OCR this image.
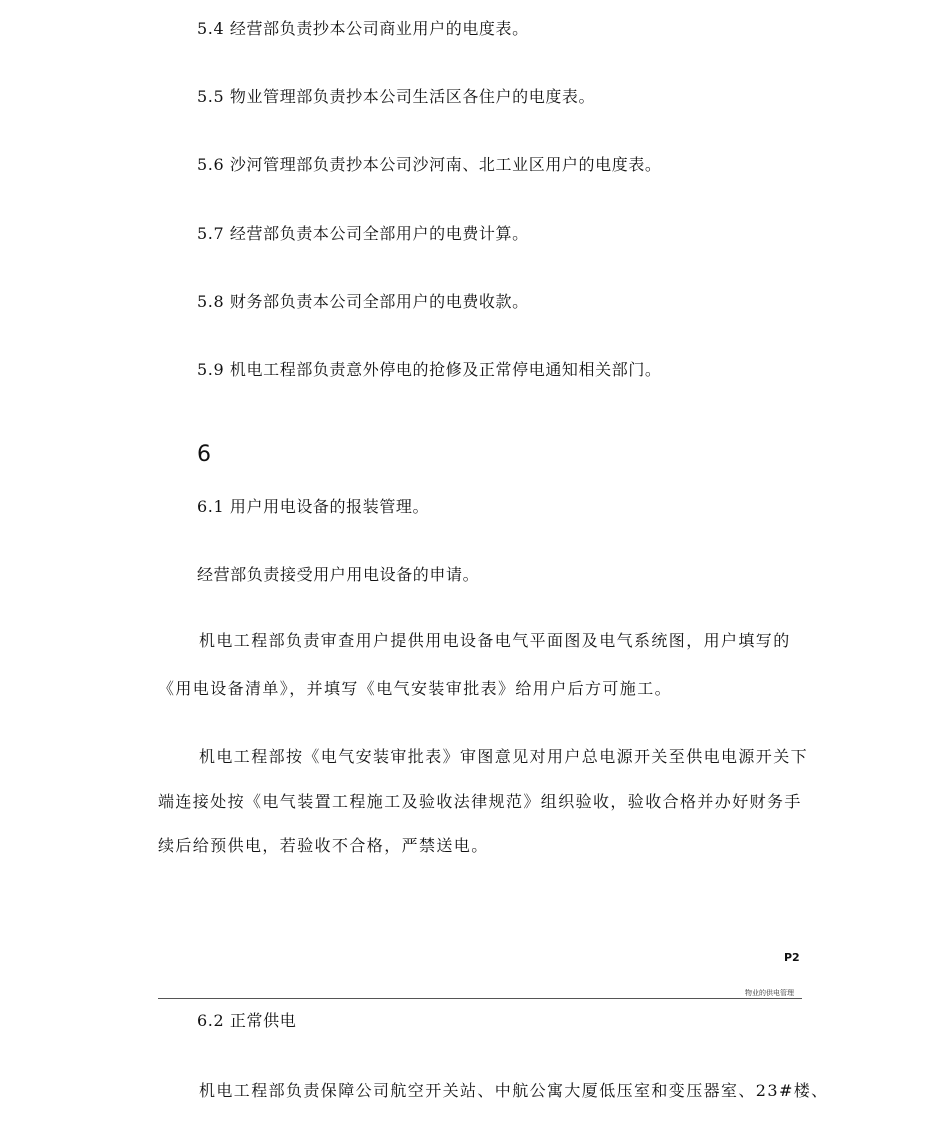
5.4 经营部负责抄本公司商业用户的电度表。
5.5 物业管理部负责抄本公司生活区各住户的电度表。
5.6 沙河管理部负责抄本公司沙河南、北工业区用户的电度表。
5.7 经营部负责本公司全部用户的电费计算。
5.8 财务部负责本公司全部用户的电费收款。
5.9 机电工程部负责意外停电的抢修及正常停电通知相关部门。
6
6.1 用户用电设备的报装管理。
经营部负责接受用户用电设备的申请。
机电工程部负责审查用户提供用电设备电气平面图及电气系统图，用户填写的
《用电设备清单》，并填写《电气安装审批表》给用户后方可施工。
机电工程部按《电气安装审批表》审图意见对用户总电源开关至供电电源开关下
端连接处按《电气装置工程施工及验收法律规范》组织验收，验收合格并办好财务手
续后给预供电，若验收不合格，严禁送电。
P2
物业的供电管理
6.2 正常供电
机电工程部负责保障公司航空开关站、中航公寓大厦低压室和变压器室、23#楼、
